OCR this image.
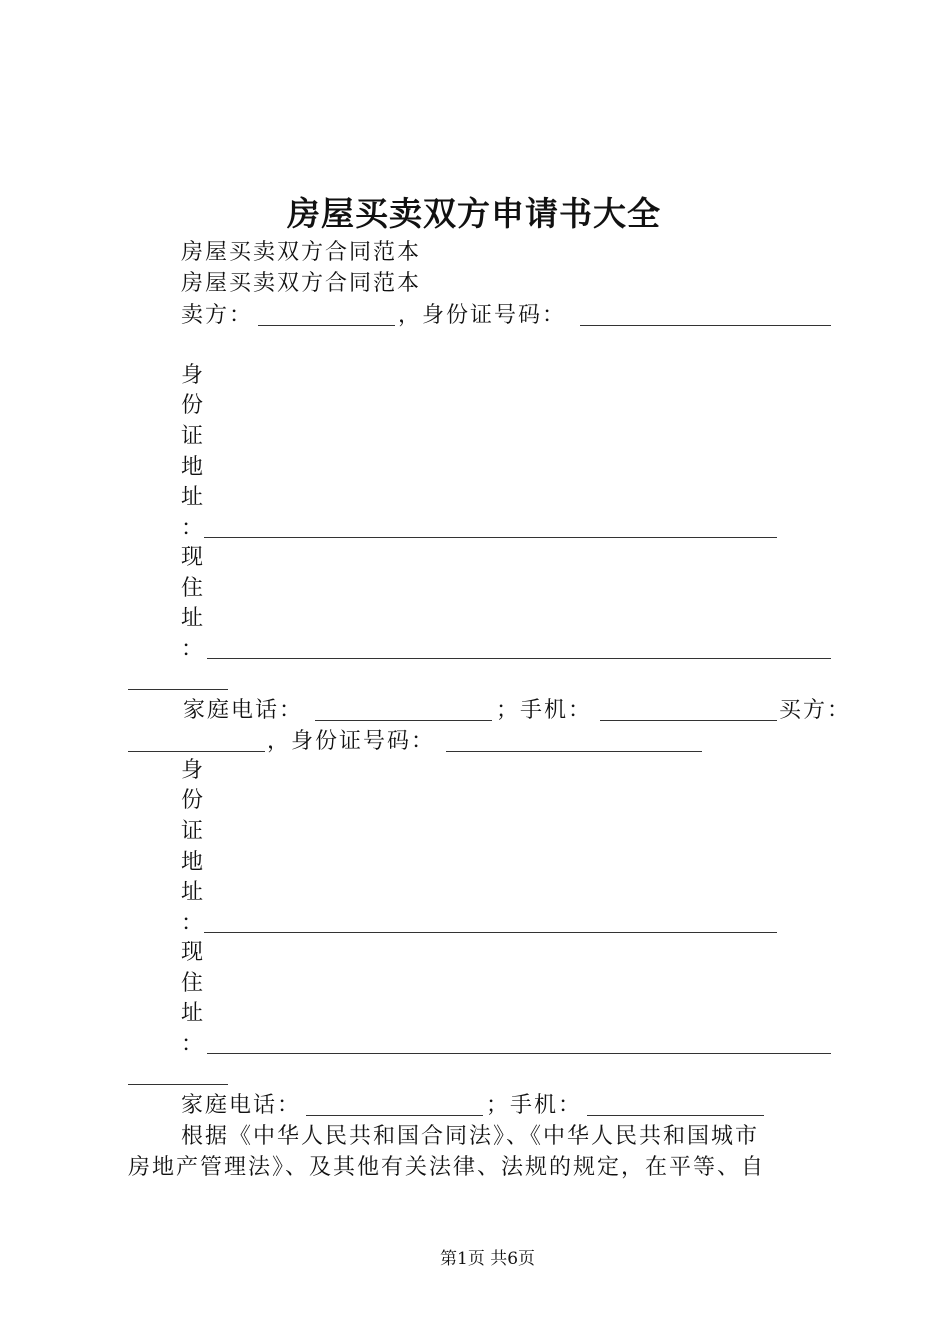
房屋买卖双方申请书大全
房屋买卖双方合同范本
房屋买卖双方合同范本
卖方：	，身份证号码：
身
份
证
地
址
：
现
住
址
：
家庭电话：	；手机：	买方：
，身份证号码：
身
份
证
地
址
：
现
住
址
：
家庭电话：	；手机：
根据《中华人民共和国合同法》、《中华人民共和国城市
房地产管理法》、及其他有关法律、法规的规定，在平等、自
第1页 共6页
